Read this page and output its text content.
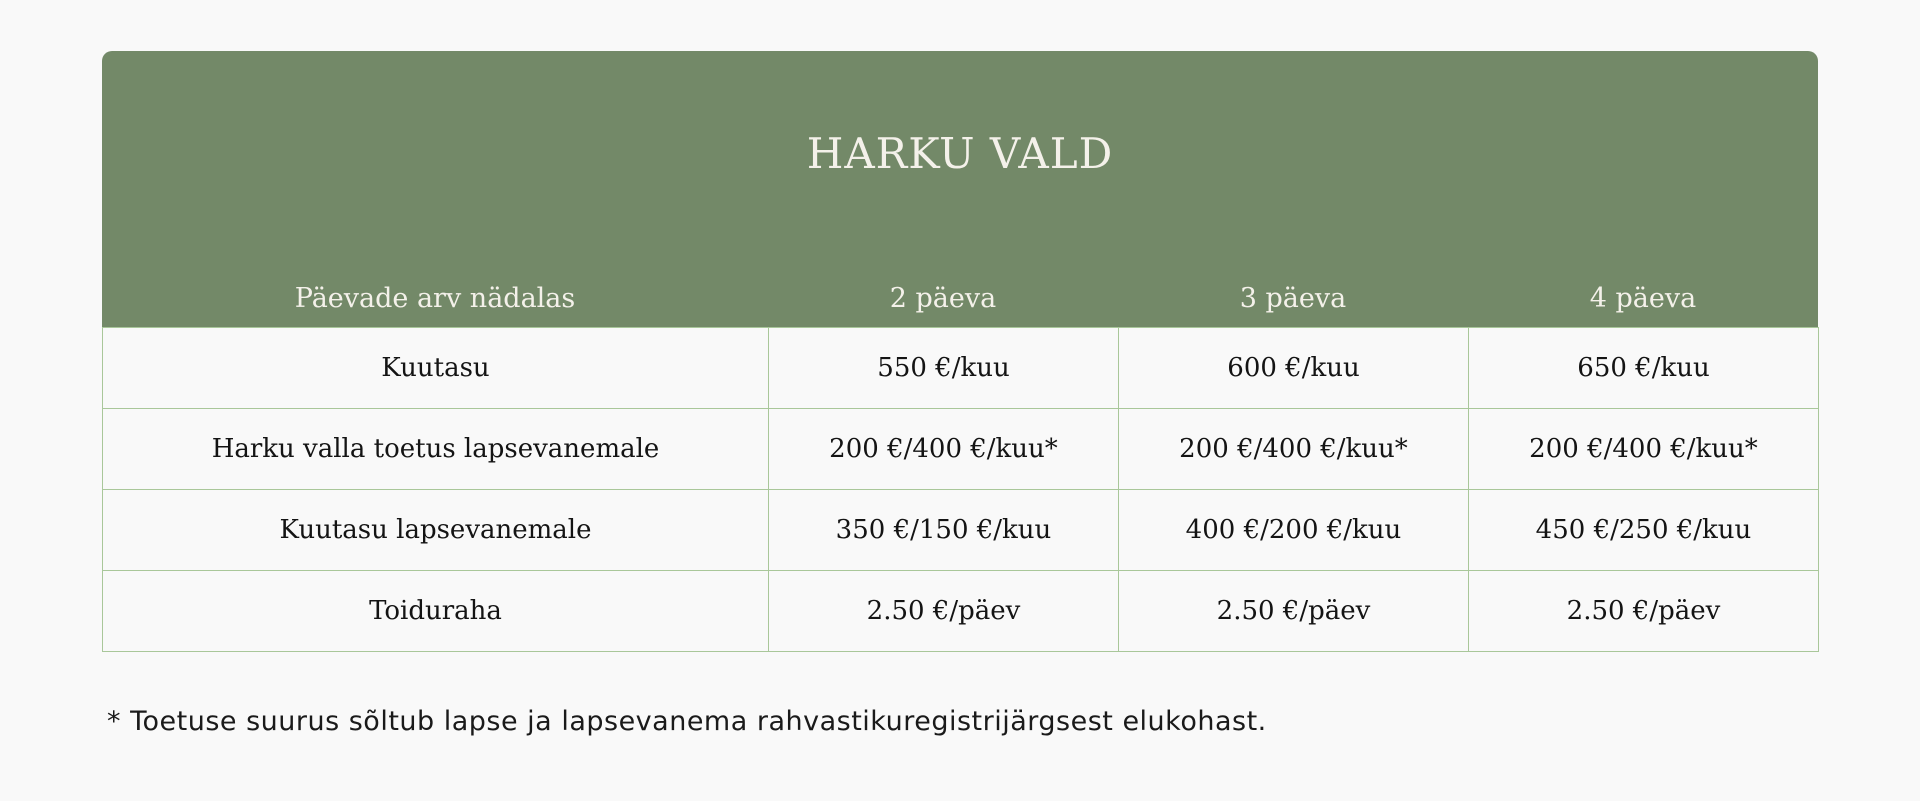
HARKU VALD
Päevade arv nädalas	2 päeva	3 päeva	4 päeva
Kuutasu	550 €/kuu	600 €/kuu	650 €/kuu
Harku valla toetus lapsevanemale	200 €/400 €/kuu*	200 €/400 €/kuu*	200 €/400 €/kuu*
Kuutasu lapsevanemale	350 €/150 €/kuu	400 €/200 €/kuu	450 €/250 €/kuu
Toiduraha	2.50 €/päev	2.50 €/päev	2.50 €/päev
* Toetuse suurus sõltub lapse ja lapsevanema rahvastikuregistrijärgsest elukohast.
